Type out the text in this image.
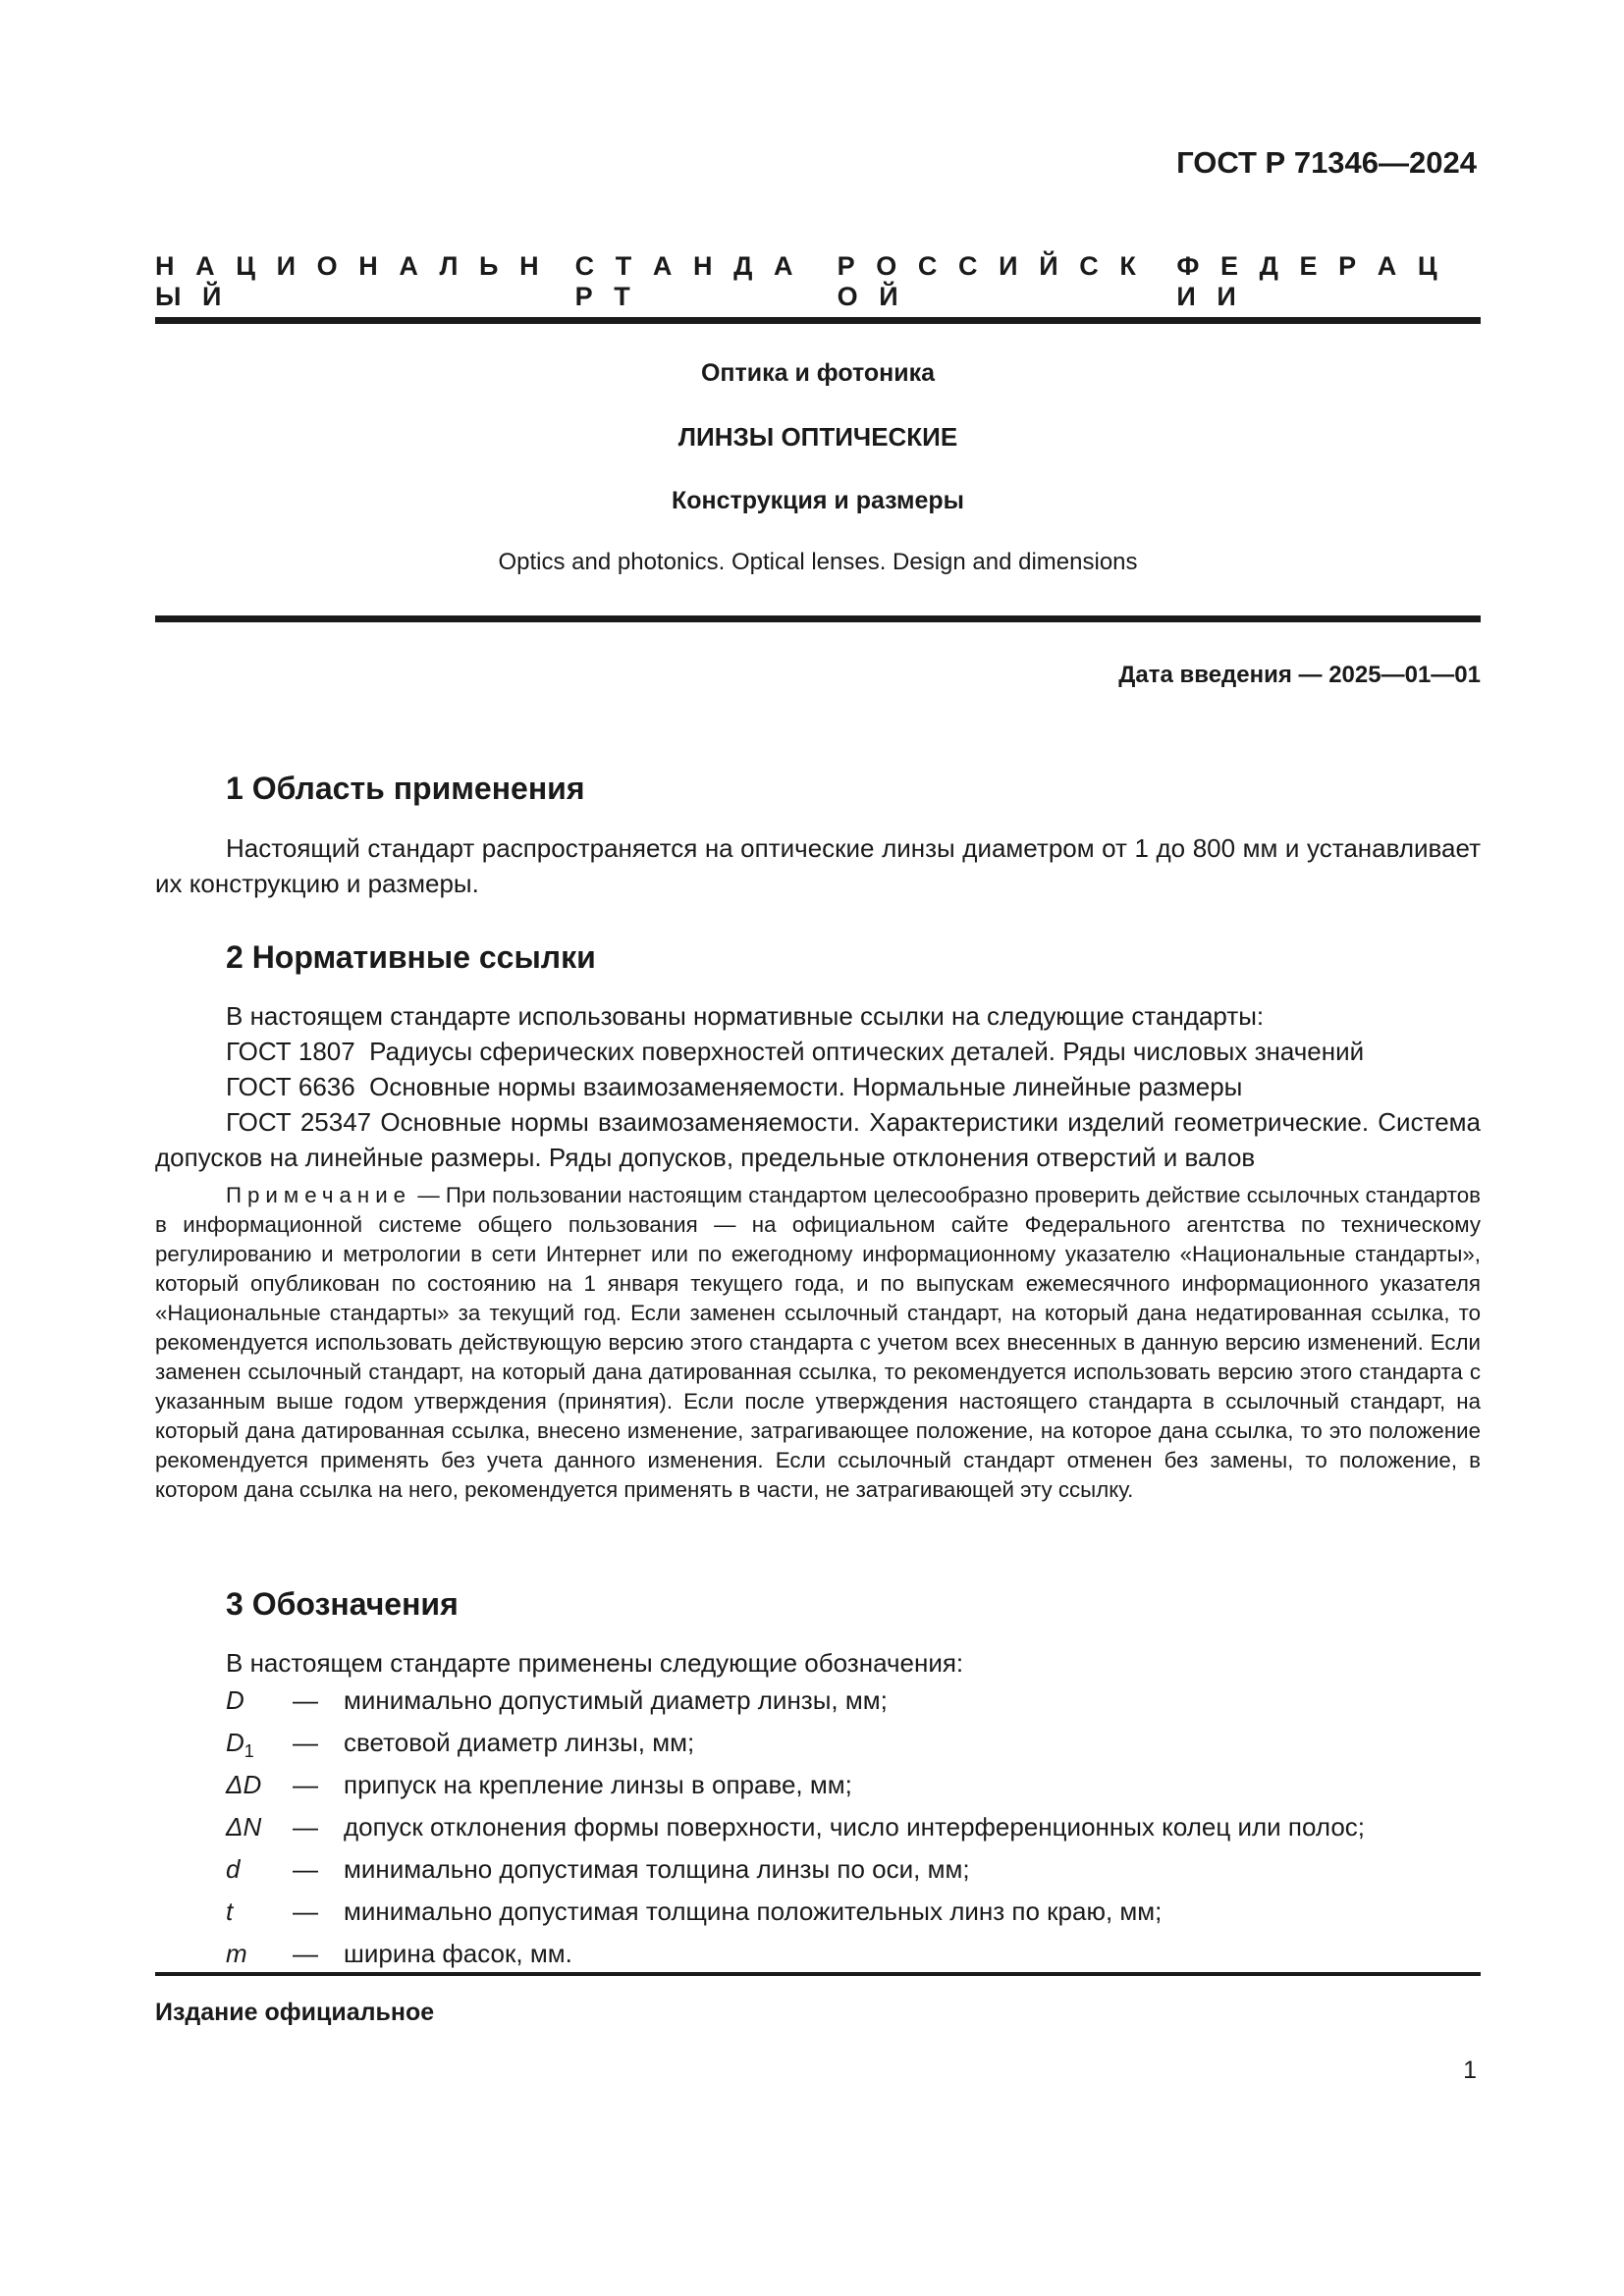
ГОСТ Р 71346—2024
Н    А    Ц    И    О    Н    А    Л    Ь    Н    Ы    Й
С    Т    А    Н    Д    А    Р    Т
Р    О    С    С    И    Й    С    К    О    Й
Ф    Е    Д    Е    Р    А    Ц    И    И
Оптика и фотоника
ЛИНЗЫ ОПТИЧЕСКИЕ
Конструкция и размеры
Optics and photonics. Optical lenses. Design and dimensions
Дата введения — 2025—01—01
1 Область применения
Настоящий стандарт распространяется на оптические линзы диаметром от 1 до 800 мм и устанавливает их конструкцию и размеры.
2 Нормативные ссылки
В настоящем стандарте использованы нормативные ссылки на следующие стандарты:
ГОСТ 1807  Радиусы сферических поверхностей оптических деталей. Ряды числовых значений
ГОСТ 6636  Основные нормы взаимозаменяемости. Нормальные линейные размеры
ГОСТ 25347 Основные нормы взаимозаменяемости. Характеристики изделий геометрические. Система допусков на линейные размеры. Ряды допусков, предельные отклонения отверстий и валов
Примечание — При пользовании настоящим стандартом целесообразно проверить действие ссылочных стандартов в информационной системе общего пользования — на официальном сайте Федерального агентства по техническому регулированию и метрологии в сети Интернет или по ежегодному информационному указателю «Национальные стандарты», который опубликован по состоянию на 1 января текущего года, и по выпускам ежемесячного информационного указателя «Национальные стандарты» за текущий год. Если заменен ссылочный стандарт, на который дана недатированная ссылка, то рекомендуется использовать действующую версию этого стандарта с учетом всех внесенных в данную версию изменений. Если заменен ссылочный стандарт, на который дана датированная ссылка, то рекомендуется использовать версию этого стандарта с указанным выше годом утверждения (принятия). Если после утверждения настоящего стандарта в ссылочный стандарт, на который дана датированная ссылка, внесено изменение, затрагивающее положение, на которое дана ссылка, то это положение рекомендуется применять без учета данного изменения. Если ссылочный стандарт отменен без замены, то положение, в котором дана ссылка на него, рекомендуется применять в части, не затрагивающей эту ссылку.
3 Обозначения
В настоящем стандарте применены следующие обозначения:
D	—	минимально допустимый диаметр линзы, мм;
$D_1$	—	световой диаметр линзы, мм;
ΔD	—	припуск на крепление линзы в оправе, мм;
ΔN	—	допуск отклонения формы поверхности, число интерференционных колец или полос;
d	—	минимально допустимая толщина линзы по оси, мм;
t	—	минимально допустимая толщина положительных линз по краю, мм;
m	—	ширина фасок, мм.
Издание официальное
1
